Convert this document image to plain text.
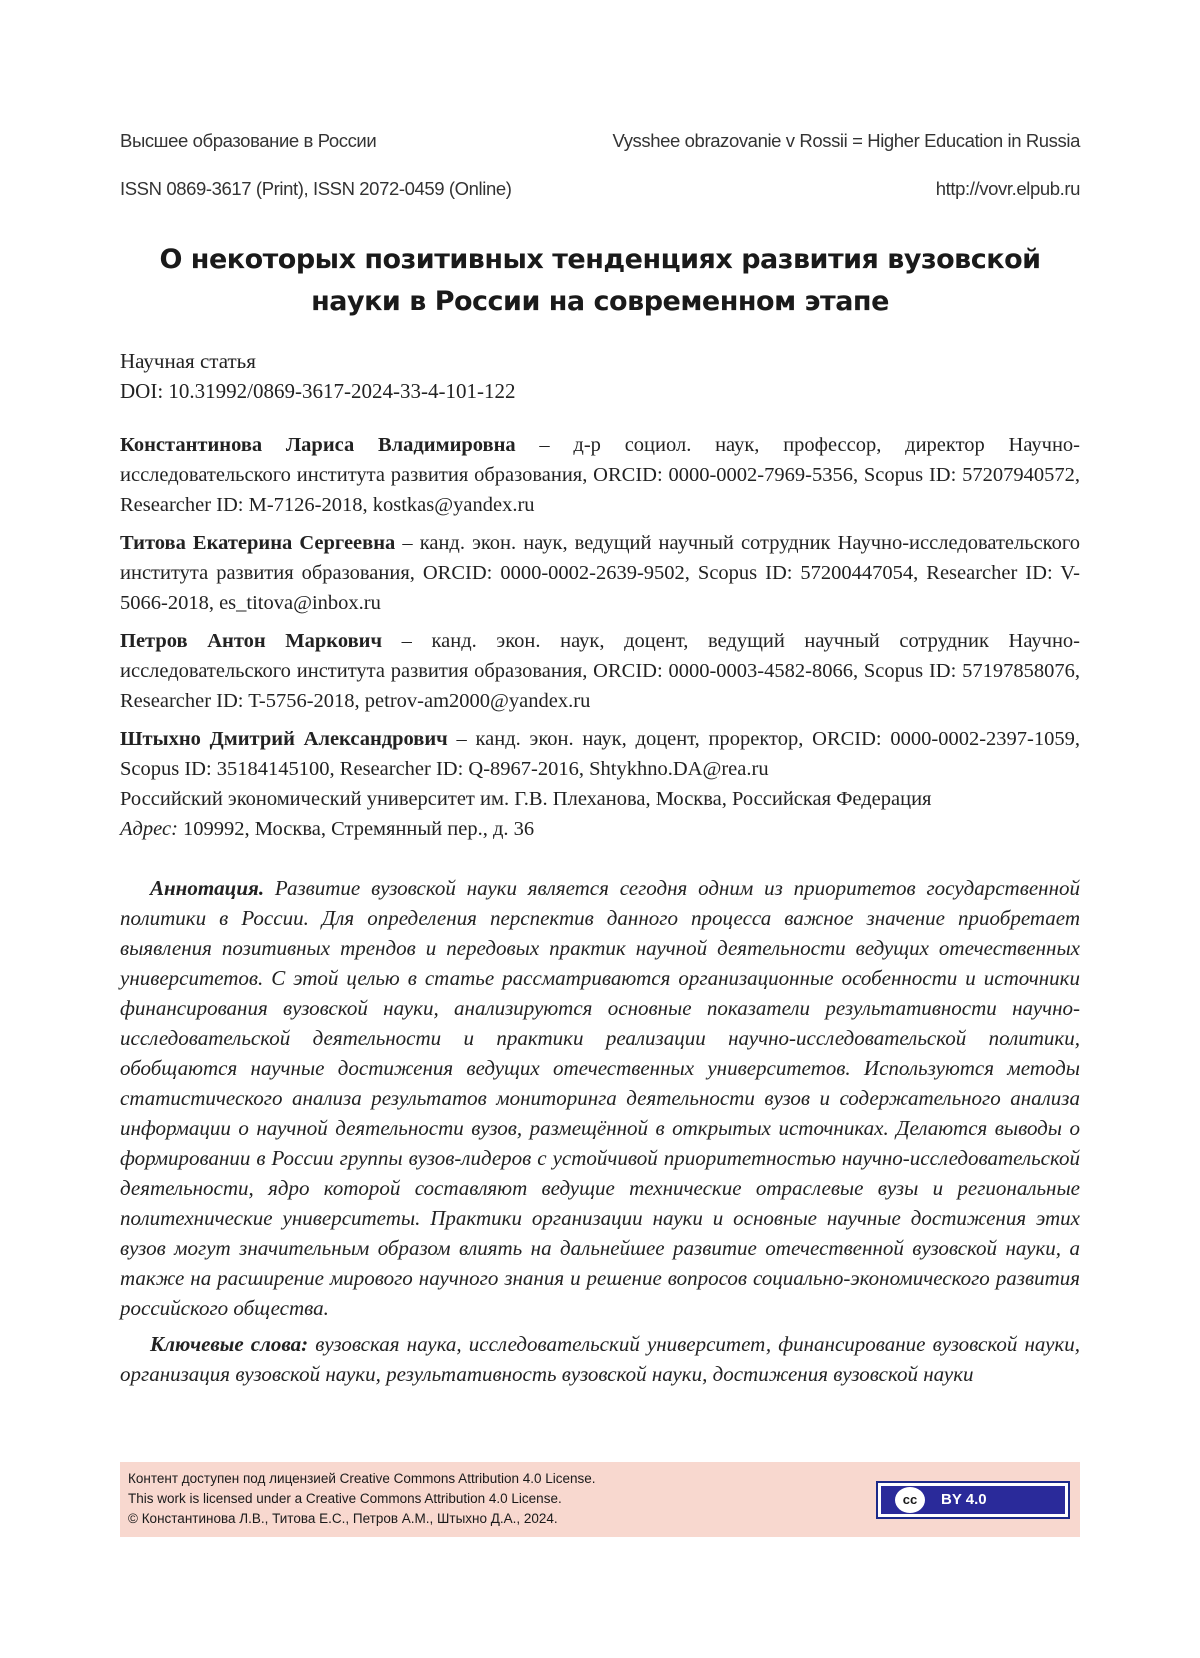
Высшее образование в России	Vysshee obrazovanie v Rossii = Higher Education in Russia
ISSN 0869-3617 (Print), ISSN 2072-0459 (Online)	http://vovr.elpub.ru
О некоторых позитивных тенденциях развития вузовской
науки в России на современном этапе
Научная статья
DOI: 10.31992/0869-3617-2024-33-4-101-122

Константинова Лариса Владимировна – д-р социол. наук, профессор, директор Научно-исследовательского института развития образования, ORCID: 0000-0002-7969-5356, Scopus ID: 57207940572, Researcher ID: M-7126-2018, kostkas@yandex.ru

Титова Екатерина Сергеевна – канд. экон. наук, ведущий научный сотрудник Научно-исследовательского института развития образования, ORCID: 0000-0002-2639-9502, Scopus ID: 57200447054, Researcher ID: V-5066-2018, es_titova@inbox.ru

Петров Антон Маркович – канд. экон. наук, доцент, ведущий научный сотрудник Научно-исследовательского института развития образования, ORCID: 0000-0003-4582-8066, Scopus ID: 57197858076, Researcher ID: T-5756-2018, petrov-am2000@yandex.ru

Штыхно Дмитрий Александрович – канд. экон. наук, доцент, проректор, ORCID: 0000-0002-2397-1059, Scopus ID: 35184145100, Researcher ID: Q-8967-2016, Shtykhno.DA@rea.ru

Российский экономический университет им. Г.В. Плеханова, Москва, Российская Федерация
Адрес: 109992, Москва, Стремянный пер., д. 36

Аннотация. Развитие вузовской науки является сегодня одним из приоритетов государственной политики в России. Для определения перспектив данного процесса важное значение приобретает выявления позитивных трендов и передовых практик научной деятельности ведущих отечественных университетов. С этой целью в статье рассматриваются организационные особенности и источники финансирования вузовской науки, анализируются основные показатели результативности научно-исследовательской деятельности и практики реализации научно-исследовательской политики, обобщаются научные достижения ведущих отечественных университетов. Используются методы статистического анализа результатов мониторинга деятельности вузов и содержательного анализа информации о научной деятельности вузов, размещённой в открытых источниках. Делаются выводы о формировании в России группы вузов-лидеров с устойчивой приоритетностью научно-исследовательской деятельности, ядро которой составляют ведущие технические отраслевые вузы и региональные политехнические университеты. Практики организации науки и основные научные достижения этих вузов могут значительным образом влиять на дальнейшее развитие отечественной вузовской науки, а также на расширение мирового научного знания и решение вопросов социально-экономического развития российского общества.

Ключевые слова: вузовская наука, исследовательский университет, финансирование вузовской науки, организация вузовской науки, результативность вузовской науки, достижения вузовской науки

Контент доступен под лицензией Creative Commons Attribution 4.0 License.
This work is licensed under a Creative Commons Attribution 4.0 License.
© Константинова Л.В., Титова Е.С., Петров А.М., Штыхно Д.А., 2024.
cc	BY 4.0
